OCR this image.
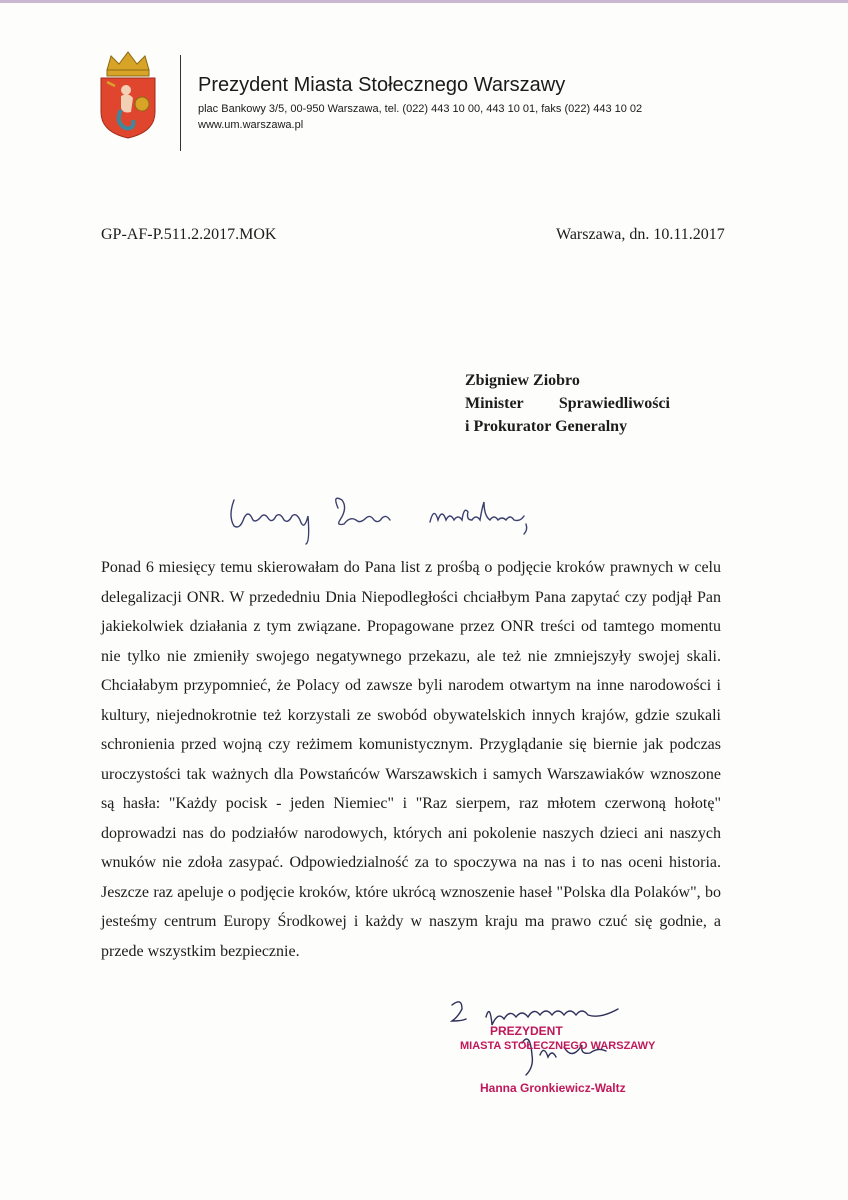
Prezydent Miasta Stołecznego Warszawy
plac Bankowy 3/5, 00-950 Warszawa, tel. (022) 443 10 00, 443 10 01, faks (022) 443 10 02
www.um.warszawa.pl
GP-AF-P.511.2.2017.MOK	Warszawa, dn. 10.11.2017
Zbigniew Ziobro
Minister Sprawiedliwości
i Prokurator Generalny

Ponad 6 miesięcy temu skierowałam do Pana list z prośbą o podjęcie kroków prawnych w celu delegalizacji ONR. W przededniu Dnia Niepodległości chciałbym Pana zapytać czy podjął Pan jakiekolwiek działania z tym związane. Propagowane przez ONR treści od tamtego momentu nie tylko nie zmieniły swojego negatywnego przekazu, ale też nie zmniejszyły swojej skali. Chciałabym przypomnieć, że Polacy od zawsze byli narodem otwartym na inne narodowości i kultury, niejednokrotnie też korzystali ze swobód obywatelskich innych krajów, gdzie szukali schronienia przed wojną czy reżimem komunistycznym. Przyglądanie się biernie jak podczas uroczystości tak ważnych dla Powstańców Warszawskich i samych Warszawiaków wznoszone są hasła: "Każdy pocisk - jeden Niemiec" i "Raz sierpem, raz młotem czerwoną hołotę" doprowadzi nas do podziałów narodowych, których ani pokolenie naszych dzieci ani naszych wnuków nie zdoła zasypać. Odpowiedzialność za to spoczywa na nas i to nas oceni historia. Jeszcze raz apeluje o podjęcie kroków, które ukrócą wznoszenie haseł "Polska dla Polaków", bo jesteśmy centrum Europy Środkowej i każdy w naszym kraju ma prawo czuć się godnie, a przede wszystkim bezpiecznie.

PREZYDENT
MIASTA STOŁECZNEGO WARSZAWY
Hanna Gronkiewicz-Waltz
